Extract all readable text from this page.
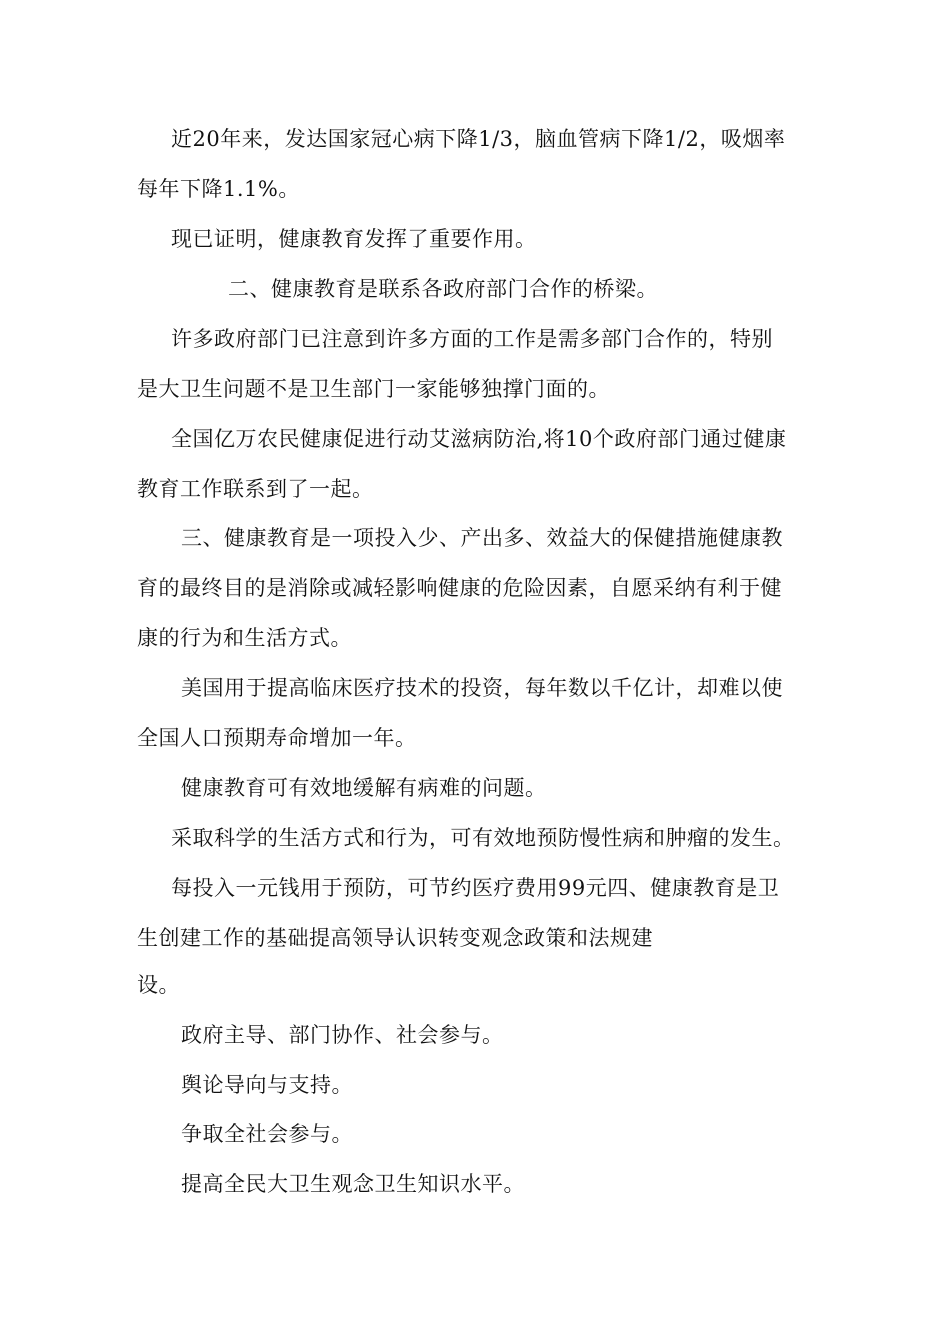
近20年来，发达国家冠心病下降1/3，脑血管病下降1/2，吸烟率
每年下降1.1%。
现已证明，健康教育发挥了重要作用。
二、健康教育是联系各政府部门合作的桥梁。
许多政府部门已注意到许多方面的工作是需多部门合作的，特别
是大卫生问题不是卫生部门一家能够独撑门面的。
全国亿万农民健康促进行动艾滋病防治,将10个政府部门通过健康
教育工作联系到了一起。
三、健康教育是一项投入少、产出多、效益大的保健措施健康教
育的最终目的是消除或减轻影响健康的危险因素，自愿采纳有利于健
康的行为和生活方式。
美国用于提高临床医疗技术的投资，每年数以千亿计，却难以使
全国人口预期寿命增加一年。
健康教育可有效地缓解有病难的问题。
采取科学的生活方式和行为，可有效地预防慢性病和肿瘤的发生。
每投入一元钱用于预防，可节约医疗费用99元四、健康教育是卫
生创建工作的基础提高领导认识转变观念政策和法规建
设。
政府主导、部门协作、社会参与。
舆论导向与支持。
争取全社会参与。
提高全民大卫生观念卫生知识水平。
